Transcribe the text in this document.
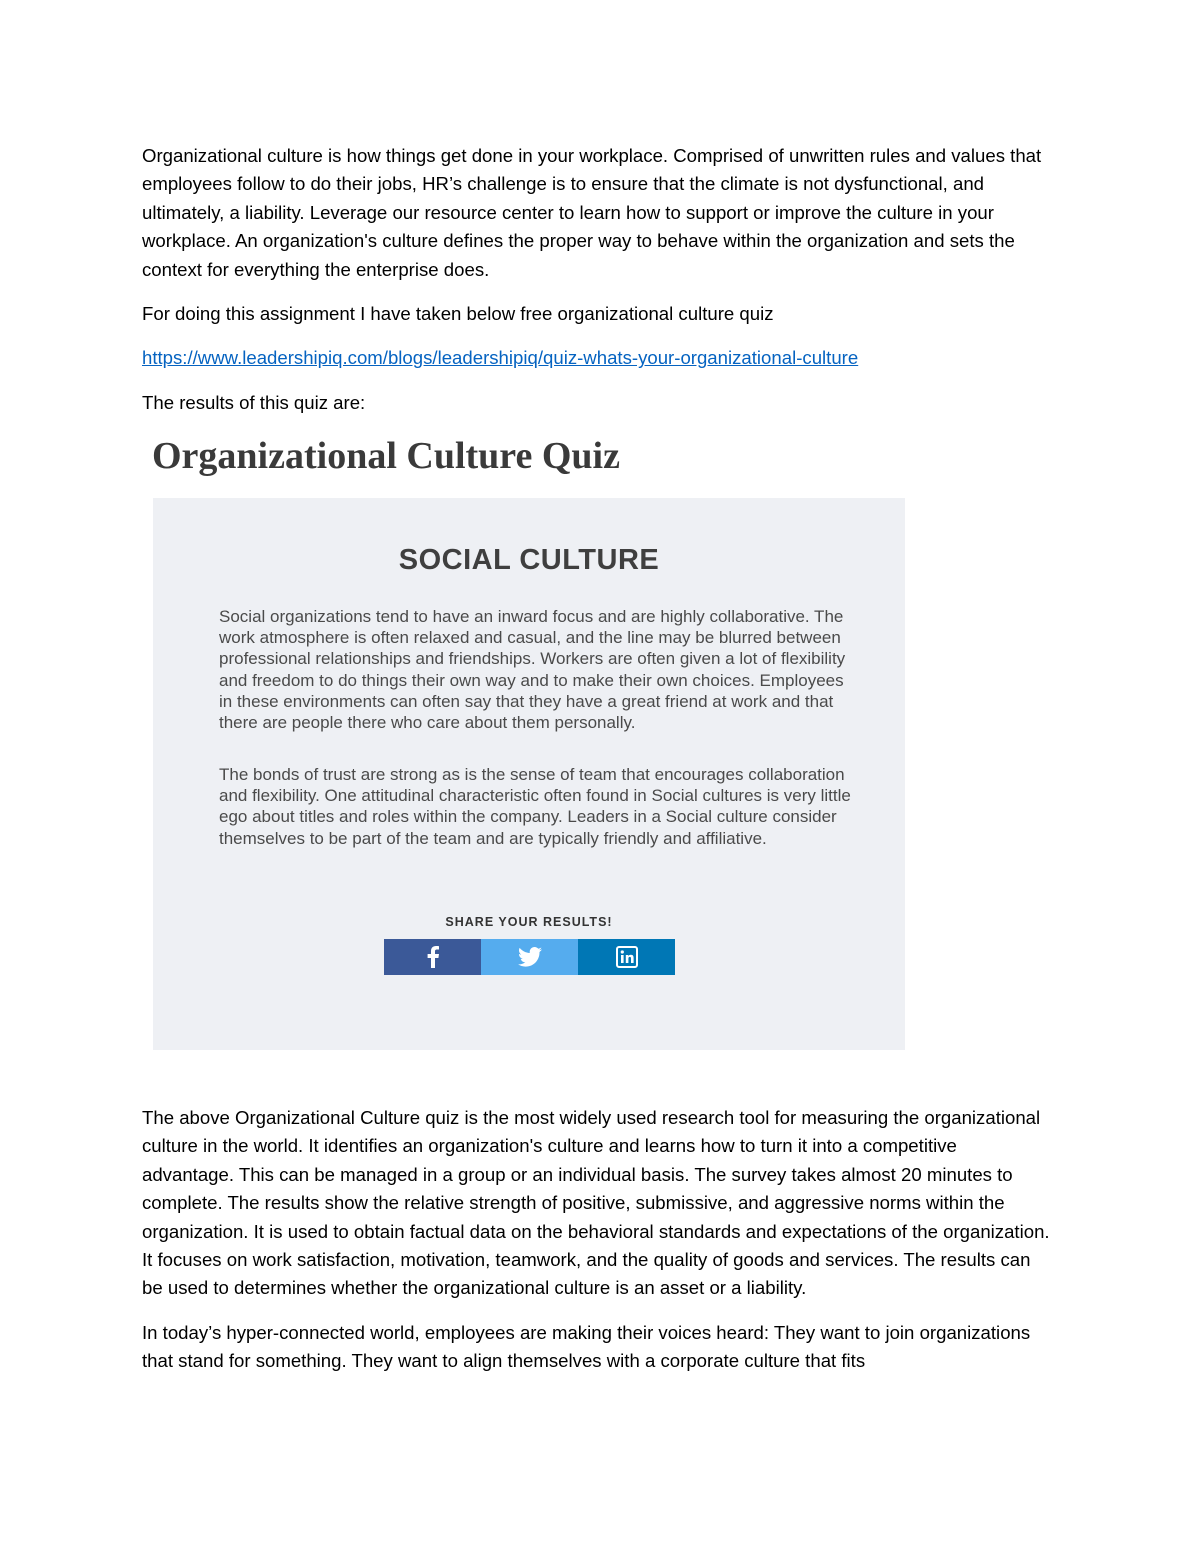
Organizational culture is how things get done in your workplace. Comprised of unwritten rules and values that employees follow to do their jobs, HR’s challenge is to ensure that the climate is not dysfunctional, and ultimately, a liability. Leverage our resource center to learn how to support or improve the culture in your workplace. An organization's culture defines the proper way to behave within the organization and sets the context for everything the enterprise does.

For doing this assignment I have taken below free organizational culture quiz

https://www.leadershipiq.com/blogs/leadershipiq/quiz-whats-your-organizational-culture

The results of this quiz are:

Organizational Culture Quiz
SOCIAL CULTURE

Social organizations tend to have an inward focus and are highly collaborative. The work atmosphere is often relaxed and casual, and the line may be blurred between professional relationships and friendships. Workers are often given a lot of flexibility and freedom to do things their own way and to make their own choices. Employees in these environments can often say that they have a great friend at work and that there are people there who care about them personally.

The bonds of trust are strong as is the sense of team that encourages collaboration and flexibility. One attitudinal characteristic often found in Social cultures is very little ego about titles and roles within the company. Leaders in a Social culture consider themselves to be part of the team and are typically friendly and affiliative.

SHARE YOUR RESULTS!

The above Organizational Culture quiz is the most widely used research tool for measuring the organizational culture in the world. It identifies an organization's culture and learns how to turn it into a competitive advantage. This can be managed in a group or an individual basis. The survey takes almost 20 minutes to complete. The results show the relative strength of positive, submissive, and aggressive norms within the organization. It is used to obtain factual data on the behavioral standards and expectations of the organization. It focuses on work satisfaction, motivation, teamwork, and the quality of goods and services. The results can be used to determines whether the organizational culture is an asset or a liability.

In today’s hyper-connected world, employees are making their voices heard: They want to join organizations that stand for something. They want to align themselves with a corporate culture that fits
